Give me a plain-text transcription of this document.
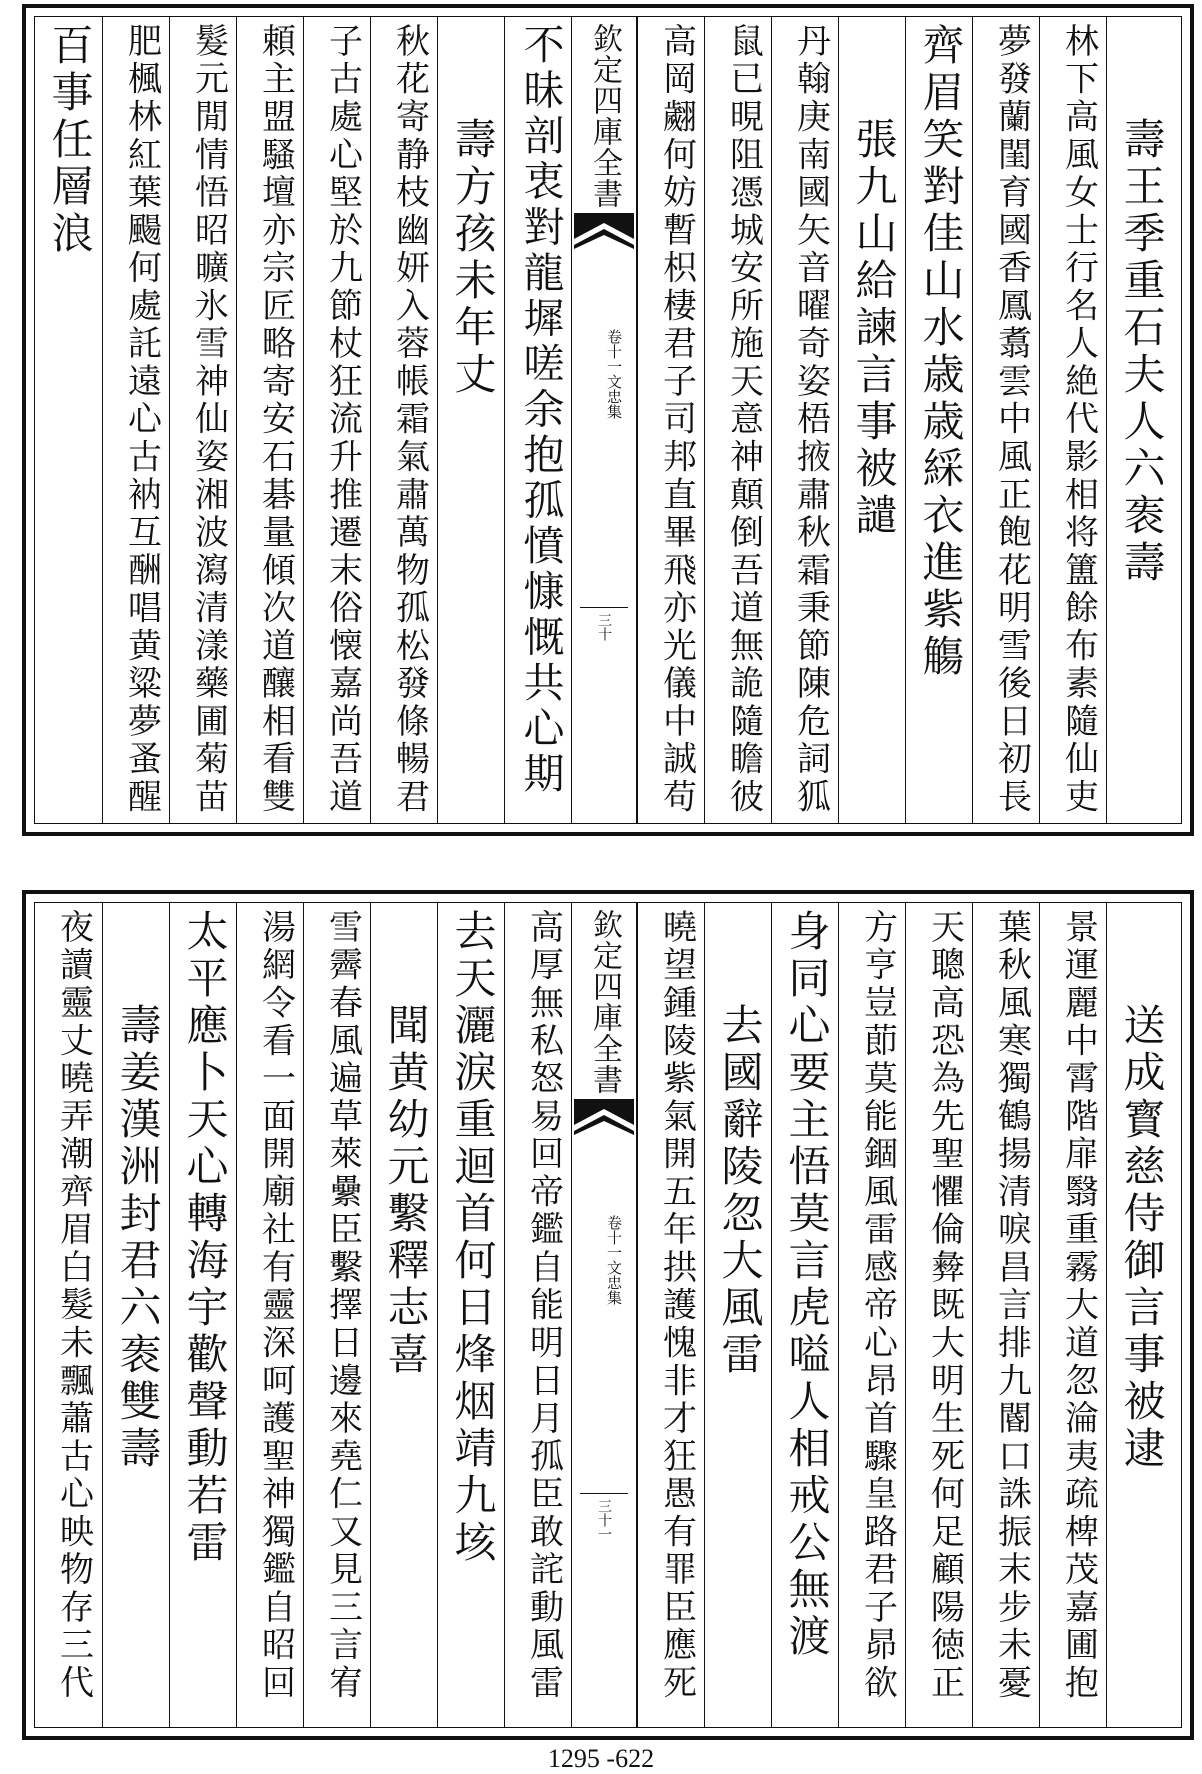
壽王季重石夫人六袠壽
林下高風女士行名人絶代影相将簠餘布素隨仙吏
夢發蘭閨育國香鳳翥雲中風正飽花明雪後日初長
齊眉笑對佳山水歳歳綵衣進紫觴
張九山給諫言事被譴
丹翰庚南國矢音曜奇姿梧掖肅秋霜秉節陳危詞狐
鼠已晛阻憑城安所施天意神顛倒吾道無詭隨瞻彼
高岡翽何妨暫枳棲君子司邦直畢飛亦光儀中誠苟
欽定四庫全書
文忠集
卷十一
三十
不昧剖衷對龍墀嗟余抱孤憤慷慨共心期
壽方孩未年丈
秋花寄静枝幽妍入蓉帳霜氣肅萬物孤松發條暢君
子古處心堅於九節杖狂流升推遷末俗懐嘉尚吾道
頼主盟騷壇亦宗匠略寄安石碁量傾次道釀相看雙
髮元閒情悟昭曠氷雪神仙姿湘波瀉清漾藥圃菊苗
肥楓林紅葉颺何處託遠心古衲互酬唱黄粱夢蚤醒
百事任層浪
送成寳慈侍御言事被逮
景運麗中霄階扉翳重霧大道忽淪夷疏椑茂嘉圃抱
葉秋風寒獨鶴揚清唳昌言排九閽口誅振末步未憂
天聰高恐為先聖懼倫彜既大明生死何足顧陽徳正
方亨豈莭莫能錮風雷感帝心昂首驟皇路君子昴欲
身同心要主悟莫言虎嗌人相戒公無渡
去國辭陵忽大風雷
曉望鍾陵紫氣開五年拱護愧非才狂愚有罪臣應死
欽定四庫全書
文忠集
卷十一
三十一
高厚無私怒易回帝鑑自能明日月孤臣敢詫動風雷
去天灑淚重迴首何日烽烟靖九垓
聞黄幼元繫釋志喜
雪霽春風遍草萊纍臣繫擇日邊來堯仁又見三言宥
湯網令看一面開廟社有靈深呵護聖神獨鑑自昭回
太平應卜天心轉海宇歡聲動若雷
壽姜漢洲封君六袠雙壽
夜讀靈丈曉弄潮齊眉白髮未飄蕭古心映物存三代
1295 -622
